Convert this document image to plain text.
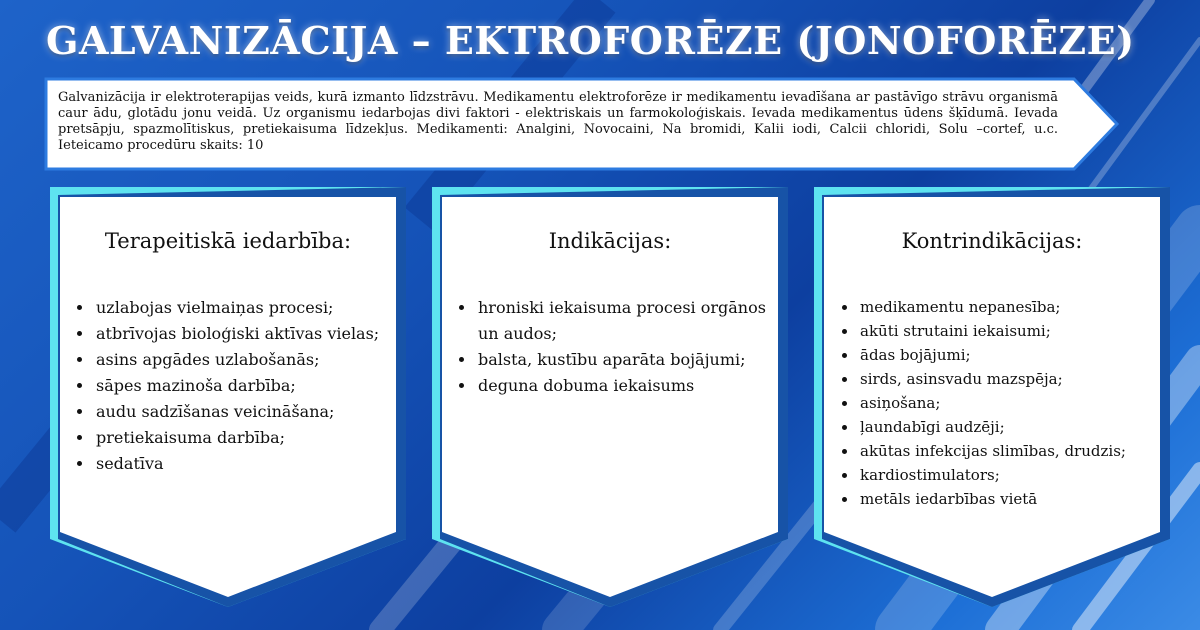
GALVANIZĀCIJA – EKTROFORĒZE (JONOFORĒZE)

Galvanizācija ir elektroterapijas veids, kurā izmanto līdzstrāvu. Medikamentu elektroforēze ir medikamentu ievadīšana ar pastāvīgo strāvu organismā caur ādu, glotādu jonu veidā. Uz organismu iedarbojas divi faktori - elektriskais un farmokoloģiskais. Ievada medikamentus ūdens šķīdumā. Ievada pretsāpju, spazmolītiskus, pretiekaisuma līdzekļus. Medikamenti: Analgini, Novocaini, Na bromidi, Kalii iodi, Calcii chloridi, Solu –cortef, u.c. Ieteicamo procedūru skaits: 10

Terapeitiskā iedarbība:
• uzlabojas vielmaiņas procesi;
• atbrīvojas bioloģiski aktīvas vielas;
• asins apgādes uzlabošanās;
• sāpes mazinoša darbība;
• audu sadzīšanas veicināšana;
• pretiekaisuma darbība;
• sedatīva
Indikācijas:
• hroniski iekaisuma procesi orgānos un audos;
• balsta, kustību aparāta bojājumi;
• deguna dobuma iekaisums
Kontrindikācijas:
• medikamentu nepanesība;
• akūti strutaini iekaisumi;
• ādas bojājumi;
• sirds, asinsvadu mazspēja;
• asiņošana;
• ļaundabīgi audzēji;
• akūtas infekcijas slimības, drudzis;
• kardiostimulators;
• metāls iedarbības vietā
